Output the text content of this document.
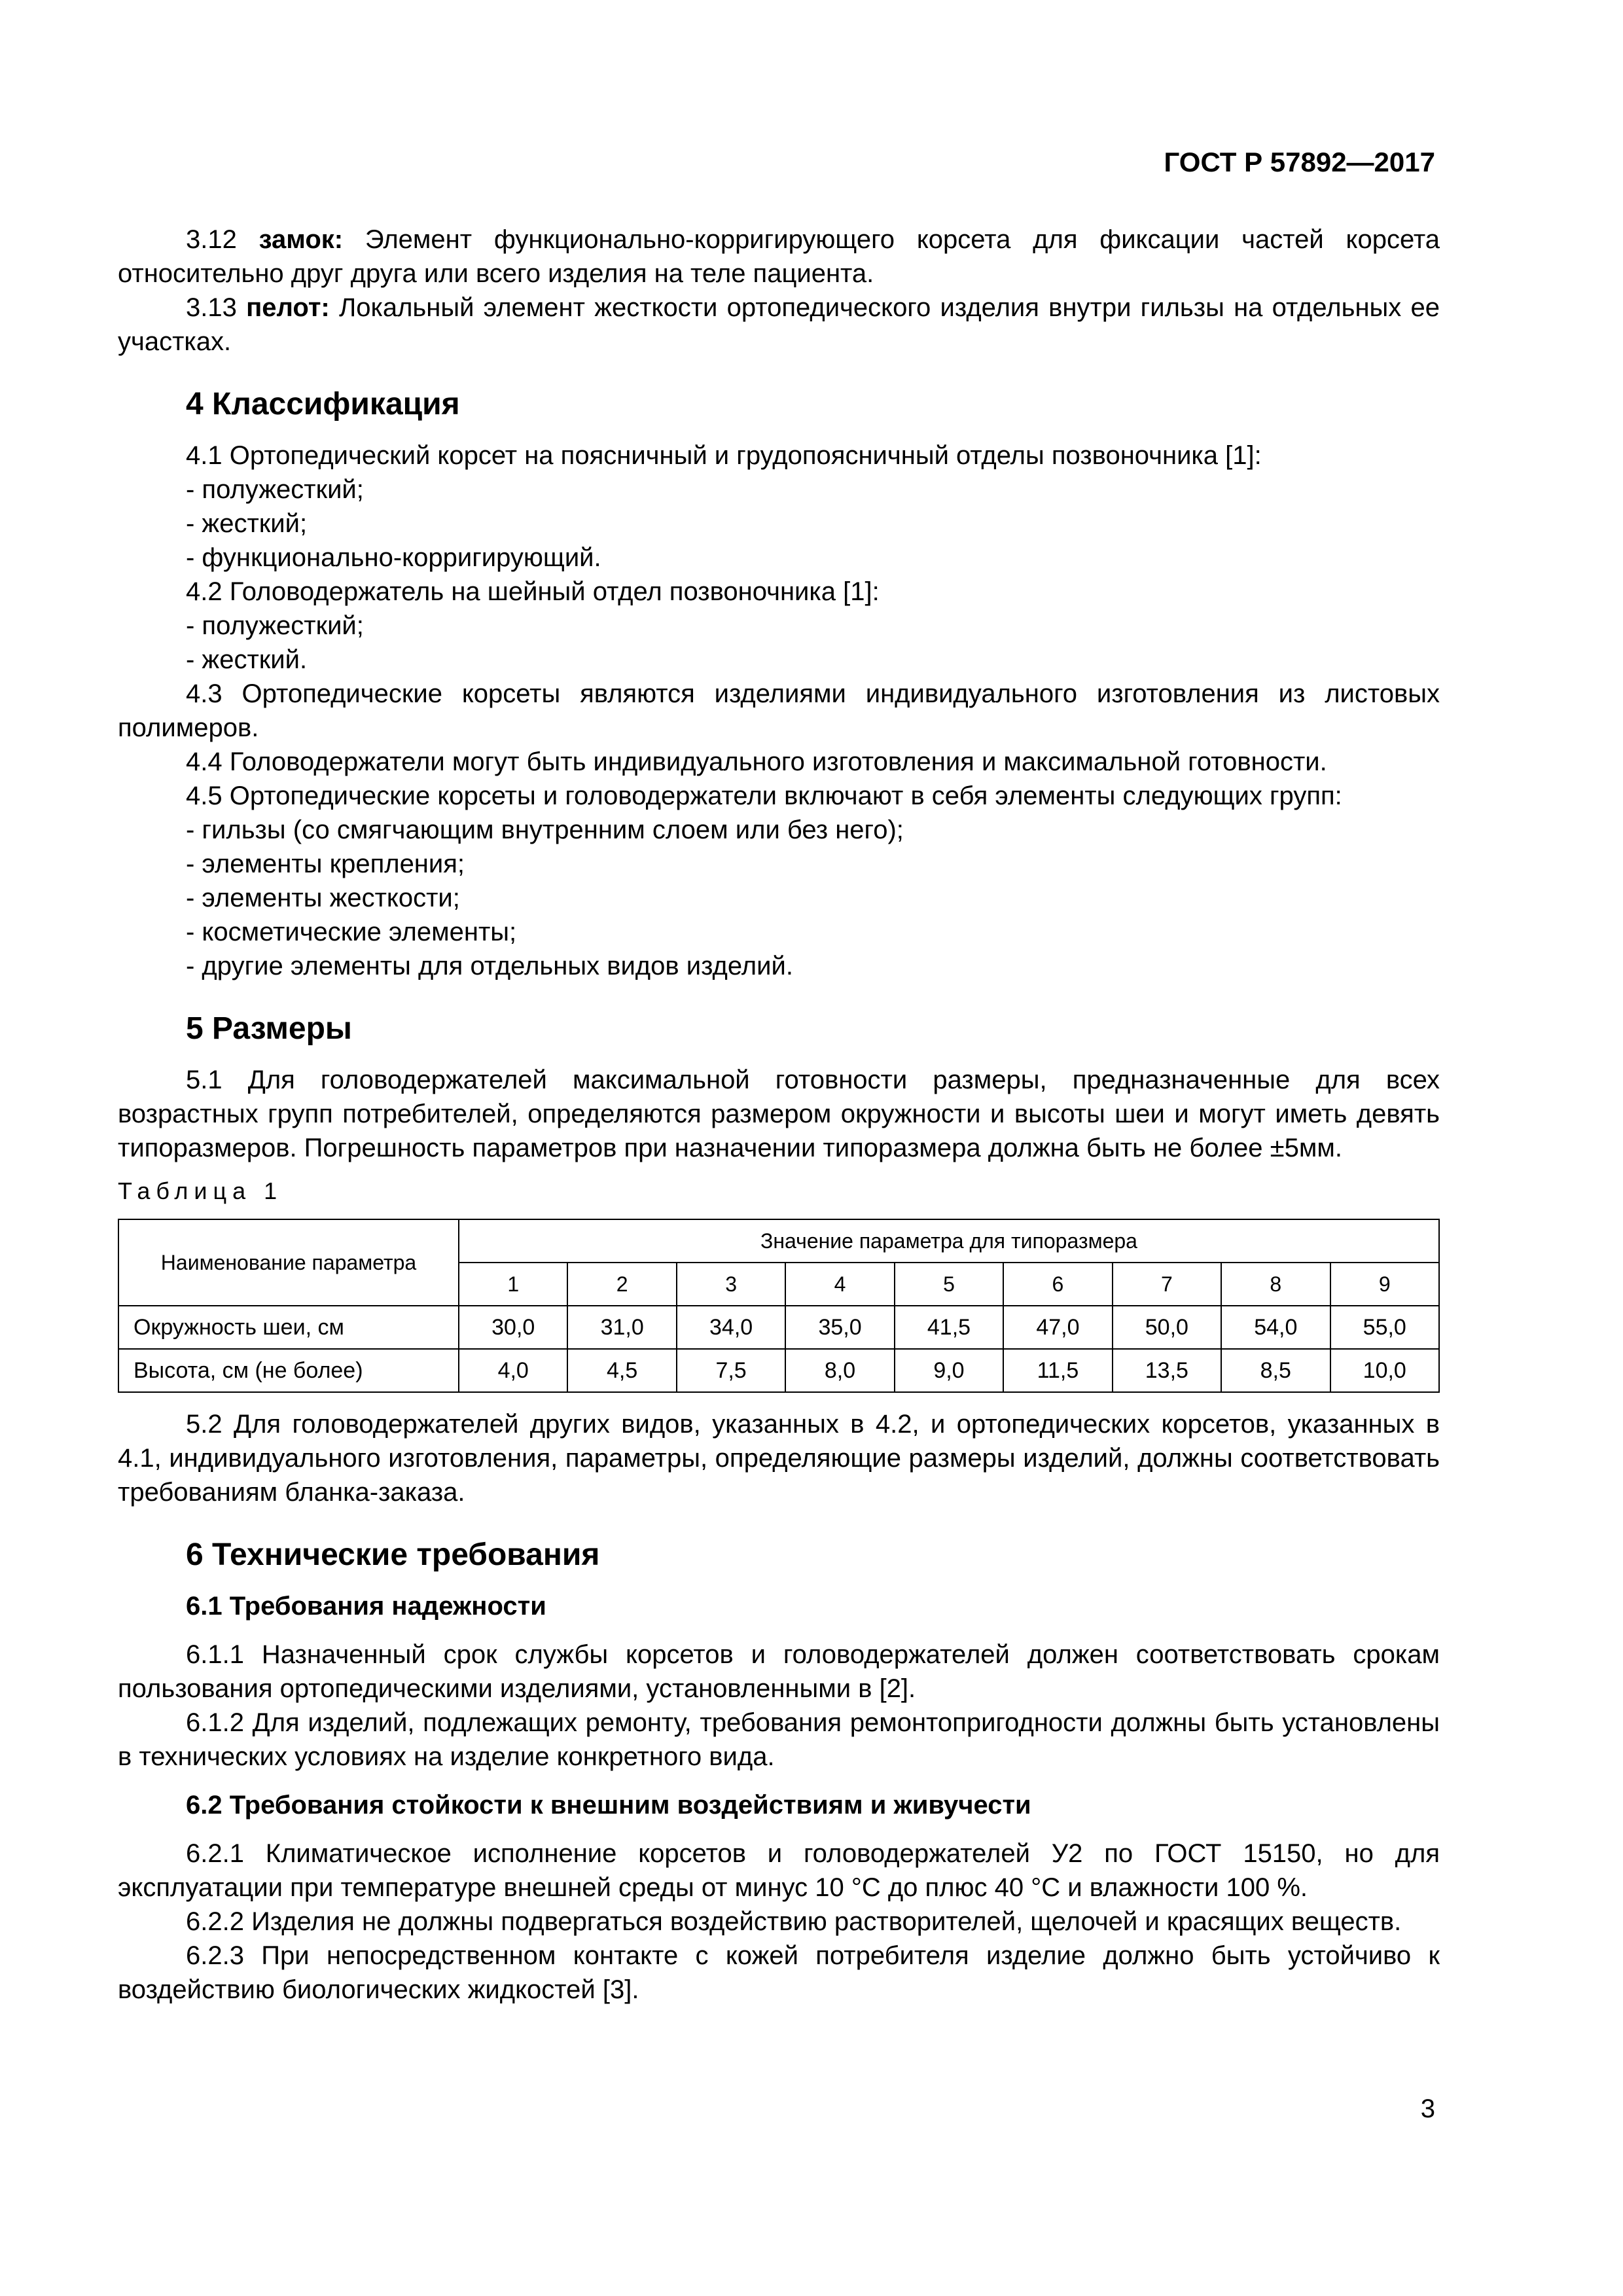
ГОСТ Р 57892—2017

3.12 замок: Элемент функционально-корригирующего корсета для фиксации частей корсета относительно друг друга или всего изделия на теле пациента.

3.13 пелот: Локальный элемент жесткости ортопедического изделия внутри гильзы на отдельных ее участках.

4 Классификация

4.1 Ортопедический корсет на поясничный и грудопоясничный отделы позвоночника [1]:

- полужесткий;

- жесткий;

- функционально-корригирующий.

4.2 Головодержатель на шейный отдел позвоночника [1]:

- полужесткий;

- жесткий.

4.3 Ортопедические корсеты являются изделиями индивидуального изготовления из листовых полимеров.

4.4 Головодержатели могут быть индивидуального изготовления и максимальной готовности.

4.5 Ортопедические корсеты и головодержатели включают в себя элементы следующих групп:

- гильзы (со смягчающим внутренним слоем или без него);

- элементы крепления;

- элементы жесткости;

- косметические элементы;

- другие элементы для отдельных видов изделий.

5 Размеры

5.1 Для головодержателей максимальной готовности размеры, предназначенные для всех возрастных групп потребителей, определяются размером окружности и высоты шеи и могут иметь девять типоразмеров. Погрешность параметров при назначении типоразмера должна быть не более ±5мм.

Таблица 1
Наименование параметра	Значение параметра для типоразмера								
	1	2	3	4	5	6	7	8	9
Окружность шеи, см	30,0	31,0	34,0	35,0	41,5	47,0	50,0	54,0	55,0
Высота, см (не более)	4,0	4,5	7,5	8,0	9,0	11,5	13,5	8,5	10,0

5.2 Для головодержателей других видов, указанных в 4.2, и ортопедических корсетов, указанных в 4.1, индивидуального изготовления, параметры, определяющие размеры изделий, должны соответствовать требованиям бланка-заказа.

6 Технические требования
6.1 Требования надежности

6.1.1 Назначенный срок службы корсетов и головодержателей должен соответствовать срокам пользования ортопедическими изделиями, установленными в [2].

6.1.2 Для изделий, подлежащих ремонту, требования ремонтопригодности должны быть установлены в технических условиях на изделие конкретного вида.

6.2 Требования стойкости к внешним воздействиям и живучести

6.2.1 Климатическое исполнение корсетов и головодержателей У2 по ГОСТ 15150, но для эксплуатации при температуре внешней среды от минус 10 °С до плюс 40 °С и влажности 100 %.

6.2.2 Изделия не должны подвергаться воздействию растворителей, щелочей и красящих веществ.

6.2.3 При непосредственном контакте с кожей потребителя изделие должно быть устойчиво к воздействию биологических жидкостей [3].

3
